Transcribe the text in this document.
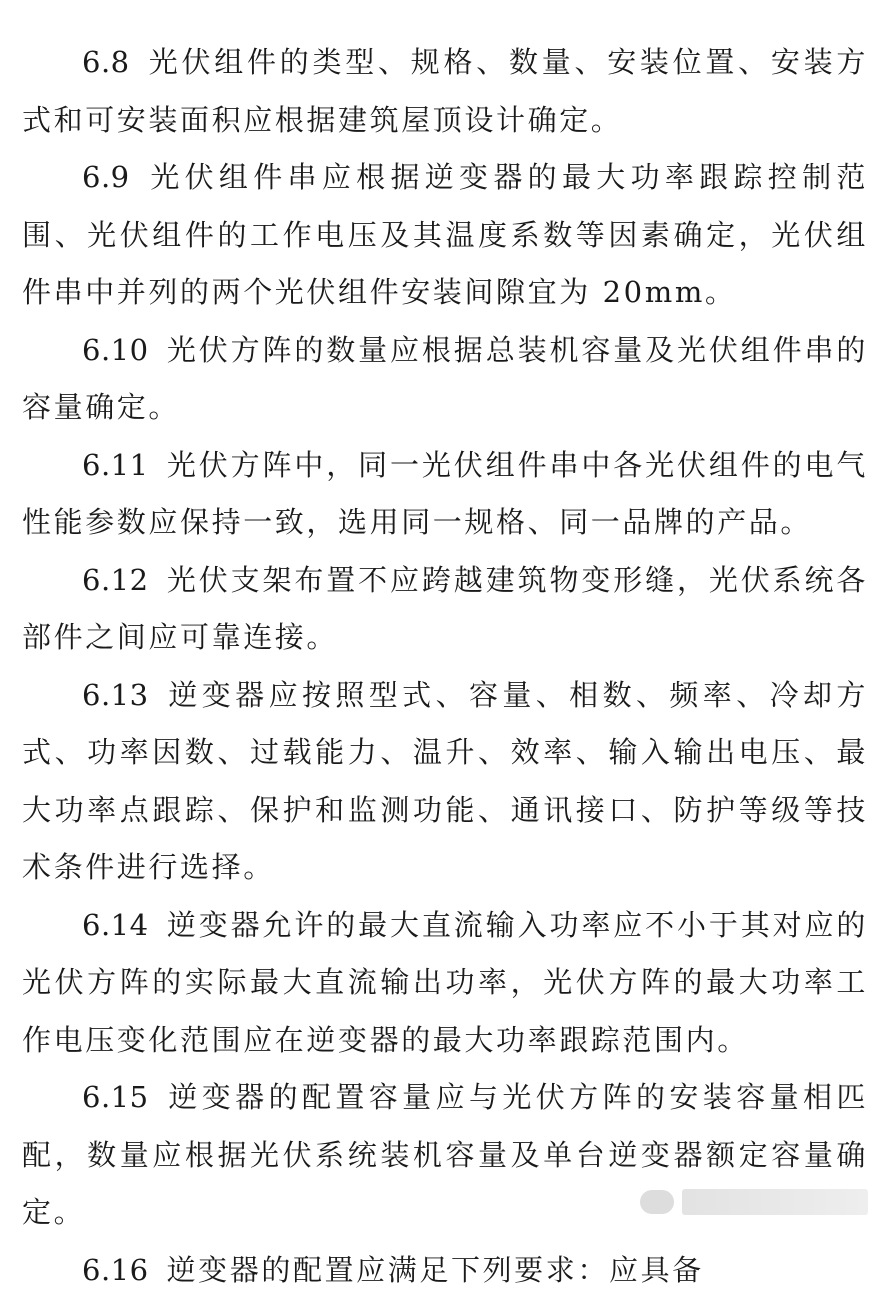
6.8 光伏组件的类型、规格、数量、安装位置、安装方式和可安装面积应根据建筑屋顶设计确定。

6.9 光伏组件串应根据逆变器的最大功率跟踪控制范围、光伏组件的工作电压及其温度系数等因素确定，光伏组件串中并列的两个光伏组件安装间隙宜为 20mm。

6.10 光伏方阵的数量应根据总装机容量及光伏组件串的容量确定。

6.11 光伏方阵中，同一光伏组件串中各光伏组件的电气性能参数应保持一致，选用同一规格、同一品牌的产品。

6.12 光伏支架布置不应跨越建筑物变形缝，光伏系统各部件之间应可靠连接。

6.13 逆变器应按照型式、容量、相数、频率、冷却方式、功率因数、过载能力、温升、效率、输入输出电压、最大功率点跟踪、保护和监测功能、通讯接口、防护等级等技术条件进行选择。

6.14 逆变器允许的最大直流输入功率应不小于其对应的光伏方阵的实际最大直流输出功率，光伏方阵的最大功率工作电压变化范围应在逆变器的最大功率跟踪范围内。

6.15 逆变器的配置容量应与光伏方阵的安装容量相匹配，数量应根据光伏系统装机容量及单台逆变器额定容量确定。

6.16 逆变器的配置应满足下列要求：应具备
